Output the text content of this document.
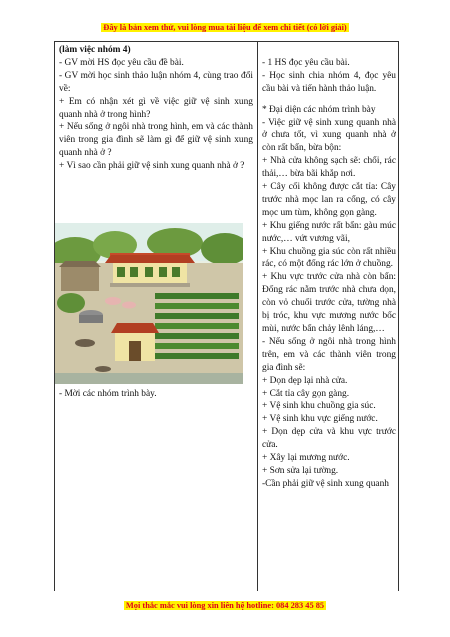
Đây là bản xem thử, vui lòng mua tài liệu để xem chi tiết (có lời giải)
(làm việc nhóm 4)
- GV mời HS đọc yêu cầu đề bài.
- GV mời học sinh thảo luận nhóm 4, cùng trao đổi về:
+ Em có nhận xét gì về việc giữ vệ sinh xung quanh nhà ở trong hình?
+ Nếu sống ở ngôi nhà trong hình, em và các thành viên trong gia đình sẽ làm gì để giữ vệ sinh xung quanh nhà ở ?
+ Vì sao cần phải giữ vệ sinh xung quanh nhà ở ?
- Mời các nhóm trình bày.
- 1 HS đọc yêu cầu bài.
- Học sinh chia nhóm 4, đọc yêu cầu bài và tiến hành thảo luận.
* Đại diện các nhóm trình bày
- Việc giữ vệ sinh xung quanh nhà ở chưa tốt, vì xung quanh nhà ở còn rất bẩn, bừa bộn:
+ Nhà cửa không sạch sẽ: chổi, rác thải,… bừa bãi khắp nơi.
+ Cây cối không được cắt tỉa: Cây trước nhà mọc lan ra cổng, có cây mọc um tùm, không gọn gàng.
+ Khu giếng nước rất bẩn: gàu múc nước,… vứt vương vãi,
+ Khu chuồng gia súc còn rất nhiều rác, có một đống rác lớn ở chuồng.
+ Khu vực trước cửa nhà còn bẩn: Đống rác nằm trước nhà chưa dọn, còn vỏ chuối trước cửa, tường nhà bị tróc, khu vực mương nước bốc mùi, nước bẩn chảy lênh láng,…
- Nếu sống ở ngôi nhà trong hình trên, em và các thành viên trong gia đình sẽ:
+ Dọn dẹp lại nhà cửa.
+ Cắt tỉa cây gọn gàng.
+ Vệ sinh khu chuồng gia súc.
+ Vệ sinh khu vực giếng nước.
+ Dọn dẹp cửa và khu vực trước cửa.
+ Xây lại mương nước.
+ Sơn sửa lại tường.
-Cần phải giữ vệ sinh xung quanh
Mọi thắc mắc vui lòng xin liên hệ hotline: 084 283 45 85
